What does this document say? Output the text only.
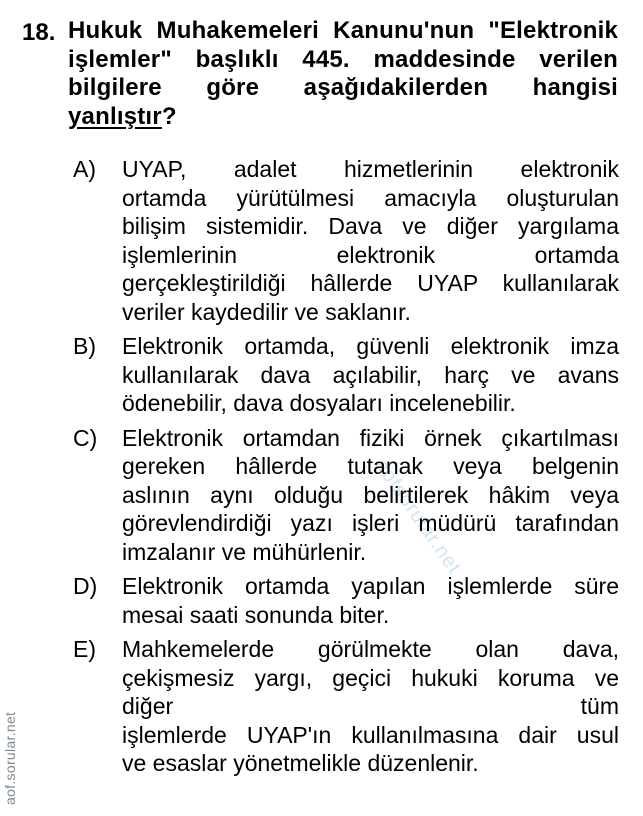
aofsorular.net
18. Hukuk Muhakemeleri Kanunu'nun "Elektronik
işlemler" başlıklı 445. maddesinde verilen
bilgilere göre aşağıdakilerden hangisi
yanlıştır?
A) UYAP, adalet hizmetlerinin elektronik
ortamda yürütülmesi amacıyla oluşturulan
bilişim sistemidir. Dava ve diğer yargılama
işlemlerinin elektronik ortamda
gerçekleştirildiği hâllerde UYAP kullanılarak
veriler kaydedilir ve saklanır.
B) Elektronik ortamda, güvenli elektronik imza
kullanılarak dava açılabilir, harç ve avans
ödenebilir, dava dosyaları incelenebilir.
C) Elektronik ortamdan fiziki örnek çıkartılması
gereken hâllerde tutanak veya belgenin
aslının aynı olduğu belirtilerek hâkim veya
görevlendirdiği yazı işleri müdürü tarafından
imzalanır ve mühürlenir.
D) Elektronik ortamda yapılan işlemlerde süre
mesai saati sonunda biter.
E) Mahkemelerde görülmekte olan dava,
çekişmesiz yargı, geçici hukuki koruma ve
diğer tüm
işlemlerde UYAP'ın kullanılmasına dair usul
ve esaslar yönetmelikle düzenlenir.
aof.sorular.net
